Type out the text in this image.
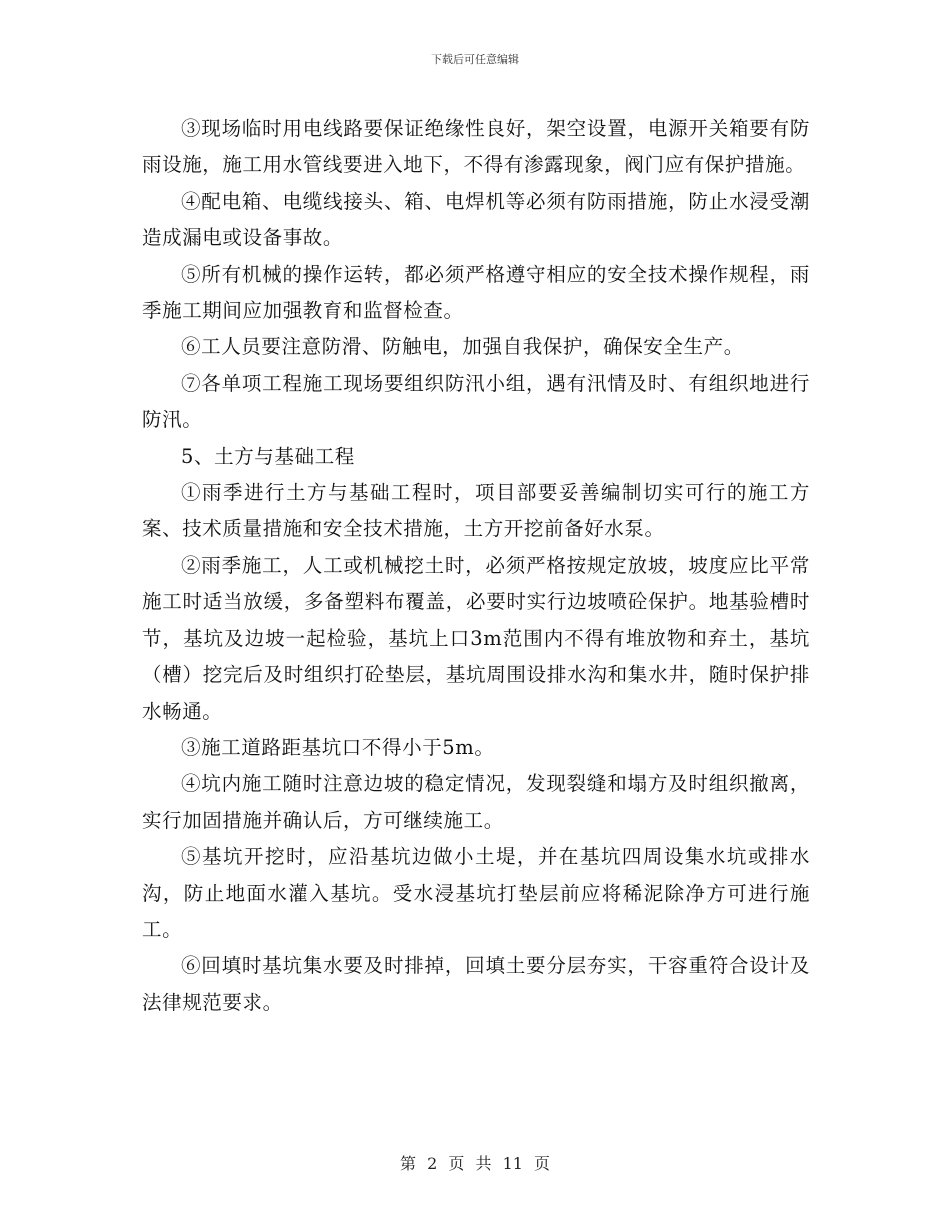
下载后可任意编辑

③现场临时用电线路要保证绝缘性良好，架空设置，电源开关箱要有防雨设施，施工用水管线要进入地下，不得有渗露现象，阀门应有保护措施。

④配电箱、电缆线接头、箱、电焊机等必须有防雨措施，防止水浸受潮造成漏电或设备事故。

⑤所有机械的操作运转，都必须严格遵守相应的安全技术操作规程，雨季施工期间应加强教育和监督检查。

⑥工人员要注意防滑、防触电，加强自我保护，确保安全生产。

⑦各单项工程施工现场要组织防汛小组，遇有汛情及时、有组织地进行防汛。

5、土方与基础工程

①雨季进行土方与基础工程时，项目部要妥善编制切实可行的施工方案、技术质量措施和安全技术措施，土方开挖前备好水泵。

②雨季施工，人工或机械挖土时，必须严格按规定放坡，坡度应比平常施工时适当放缓，多备塑料布覆盖，必要时实行边坡喷砼保护。地基验槽时节，基坑及边坡一起检验，基坑上口3m范围内不得有堆放物和弃土，基坑（槽）挖完后及时组织打砼垫层，基坑周围设排水沟和集水井，随时保护排水畅通。

③施工道路距基坑口不得小于5m。

④坑内施工随时注意边坡的稳定情况，发现裂缝和塌方及时组织撤离，实行加固措施并确认后，方可继续施工。

⑤基坑开挖时，应沿基坑边做小土堤，并在基坑四周设集水坑或排水沟，防止地面水灌入基坑。受水浸基坑打垫层前应将稀泥除净方可进行施工。

⑥回填时基坑集水要及时排掉，回填土要分层夯实，干容重符合设计及法律规范要求。

第 2 页 共 11 页
